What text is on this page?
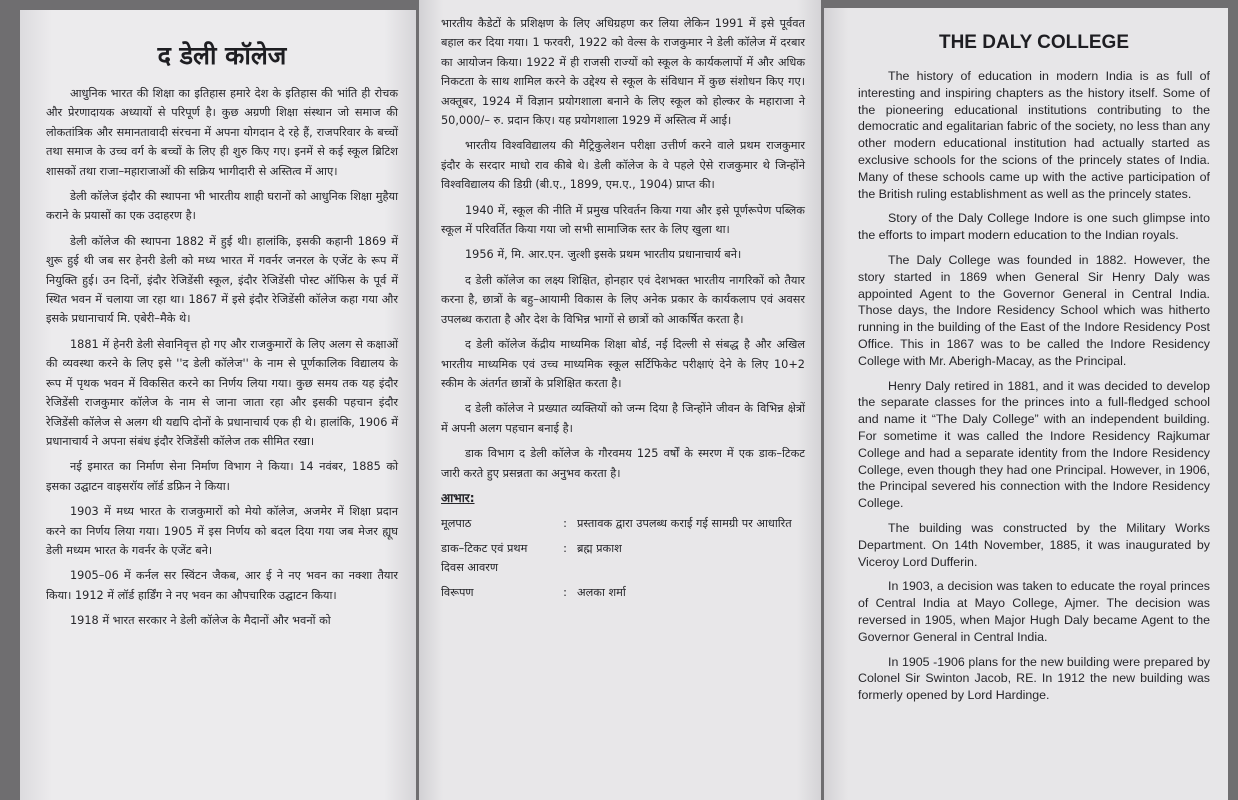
द डेली कॉलेज

आधुनिक भारत की शिक्षा का इतिहास हमारे देश के इतिहास की भांति ही रोचक और प्रेरणादायक अध्यायों से परिपूर्ण है। कुछ अग्रणी शिक्षा संस्थान जो समाज की लोकतांत्रिक और समानतावादी संरचना में अपना योगदान दे रहे हैं, राजपरिवार के बच्चों तथा समाज के उच्च वर्ग के बच्चों के लिए ही शुरु किए गए। इनमें से कई स्कूल ब्रिटिश शासकों तथा राजा–महाराजाओं की सक्रिय भागीदारी से अस्तित्व में आए।

डेली कॉलेज इंदौर की स्थापना भी भारतीय शाही घरानों को आधुनिक शिक्षा मुहैया कराने के प्रयासों का एक उदाहरण है।

डेली कॉलेज की स्थापना 1882 में हुई थी। हालांकि, इसकी कहानी 1869 में शुरू हुई थी जब सर हेनरी डेली को मध्य भारत में गवर्नर जनरल के एजेंट के रूप में नियुक्ति हुई। उन दिनों, इंदौर रेजिडेंसी स्कूल, इंदौर रेजिडेंसी पोस्ट ऑफिस के पूर्व में स्थित भवन में चलाया जा रहा था। 1867 में इसे इंदौर रेजिडेंसी कॉलेज कहा गया और इसके प्रधानाचार्य मि. एबेरी–मैके थे।

1881 में हेनरी डेली सेवानिवृत्त हो गए और राजकुमारों के लिए अलग से कक्षाओं की व्यवस्था करने के लिए इसे ''द डेली कॉलेज'' के नाम से पूर्णकालिक विद्यालय के रूप में पृथक भवन में विकसित करने का निर्णय लिया गया। कुछ समय तक यह इंदौर रेजिडेंसी राजकुमार कॉलेज के नाम से जाना जाता रहा और इसकी पहचान इंदौर रेजिडेंसी कॉलेज से अलग थी यद्यपि दोनों के प्रधानाचार्य एक ही थे। हालांकि, 1906 में प्रधानाचार्य ने अपना संबंध इंदौर रेजिडेंसी कॉलेज तक सीमित रखा।

नई इमारत का निर्माण सेना निर्माण विभाग ने किया। 14 नवंबर, 1885 को इसका उद्घाटन वाइसरॉय लॉर्ड डफ्रिन ने किया।

1903 में मध्य भारत के राजकुमारों को मेयो कॉलेज, अजमेर में शिक्षा प्रदान करने का निर्णय लिया गया। 1905 में इस निर्णय को बदल दिया गया जब मेजर ह्यूघ डेली मध्यम भारत के गवर्नर के एजेंट बने।

1905–06 में कर्नल सर स्विंटन जैकब, आर ई ने नए भवन का नक्शा तैयार किया। 1912 में लॉर्ड हार्डिंग ने नए भवन का औपचारिक उद्घाटन किया।

1918 में भारत सरकार ने डेली कॉलेज के मैदानों और भवनों को

भारतीय कैडेटों के प्रशिक्षण के लिए अधिग्रहण कर लिया लेकिन 1991 में इसे पूर्ववत बहाल कर दिया गया। 1 फरवरी, 1922 को वेल्स के राजकुमार ने डेली कॉलेज में दरबार का आयोजन किया। 1922 में ही राजसी राज्यों को स्कूल के कार्यकलापों में और अधिक निकटता के साथ शामिल करने के उद्देश्य से स्कूल के संविधान में कुछ संशोधन किए गए। अक्तूबर, 1924 में विज्ञान प्रयोगशाला बनाने के लिए स्कूल को होल्कर के महाराजा ने 50,000/– रु. प्रदान किए। यह प्रयोगशाला 1929 में अस्तित्व में आई।

भारतीय विश्वविद्यालय की मैट्रिकुलेशन परीक्षा उत्तीर्ण करने वाले प्रथम राजकुमार इंदौर के सरदार माधो राव कीबे थे। डेली कॉलेज के वे पहले ऐसे राजकुमार थे जिन्होंने विश्वविद्यालय की डिग्री (बी.ए., 1899, एम.ए., 1904) प्राप्त की।

1940 में, स्कूल की नीति में प्रमुख परिवर्तन किया गया और इसे पूर्णरूपेण पब्लिक स्कूल में परिवर्तित किया गया जो सभी सामाजिक स्तर के लिए खुला था।

1956 में, मि. आर.एन. जुत्शी इसके प्रथम भारतीय प्रधानाचार्य बने।

द डेली कॉलेज का लक्ष्य शिक्षित, होनहार एवं देशभक्त भारतीय नागरिकों को तैयार करना है, छात्रों के बहु–आयामी विकास के लिए अनेक प्रकार के कार्यकलाप एवं अवसर उपलब्ध कराता है और देश के विभिन्न भागों से छात्रों को आकर्षित करता है।

द डेली कॉलेज केंद्रीय माध्यमिक शिक्षा बोर्ड, नई दिल्ली से संबद्ध है और अखिल भारतीय माध्यमिक एवं उच्च माध्यमिक स्कूल सर्टिफिकेट परीक्षाएं देने के लिए 10+2 स्कीम के अंतर्गत छात्रों के प्रशिक्षित करता है।

द डेली कॉलेज ने प्रख्यात व्यक्तियों को जन्म दिया है जिन्होंने जीवन के विभिन्न क्षेत्रों में अपनी अलग पहचान बनाई है।

डाक विभाग द डेली कॉलेज के गौरवमय 125 वर्षों के स्मरण में एक डाक–टिकट जारी करते हुए प्रसन्नता का अनुभव करता है।

आभार:
मूलपाठ	: प्रस्तावक द्वारा उपलब्ध कराई गई सामग्री पर आधारित
डाक–टिकट एवं प्रथम दिवस आवरण
: ब्रह्म प्रकाश
विरूपण	: अलका शर्मा
THE DALY COLLEGE

The history of education in modern India is as full of interesting and inspiring chapters as the history itself. Some of the pioneering educational institutions contributing to the democratic and egalitarian fabric of the society, no less than any other modern educational institution had actually started as exclusive schools for the scions of the princely states of India. Many of these schools came up with the active participation of the British ruling establishment as well as the princely states.

Story of the Daly College Indore is one such glimpse into the efforts to impart modern education to the Indian royals.

The Daly College was founded in 1882. However, the story started in 1869 when General Sir Henry Daly was appointed Agent to the Governor General in Central India. Those days, the Indore Residency School which was hitherto running in the building of the East of the Indore Residency Post Office. This in 1867 was to be called the Indore Residency College with Mr. Aberigh-Macay, as the Principal.

Henry Daly retired in 1881, and it was decided to develop the separate classes for the princes into a full-fledged school and name it “The Daly College” with an independent building. For sometime it was called the Indore Residency Rajkumar College and had a separate identity from the Indore Residency College, even though they had one Principal. However, in 1906, the Principal severed his connection with the Indore Residency College.

The building was constructed by the Military Works Department. On 14th November, 1885, it was inaugurated by Viceroy Lord Dufferin.

In 1903, a decision was taken to educate the royal princes of Central India at Mayo College, Ajmer. The decision was reversed in 1905, when Major Hugh Daly became Agent to the Governor General in Central India.

In 1905 -1906 plans for the new building were prepared by Colonel Sir Swinton Jacob, RE. In 1912 the new building was formerly opened by Lord Hardinge.
